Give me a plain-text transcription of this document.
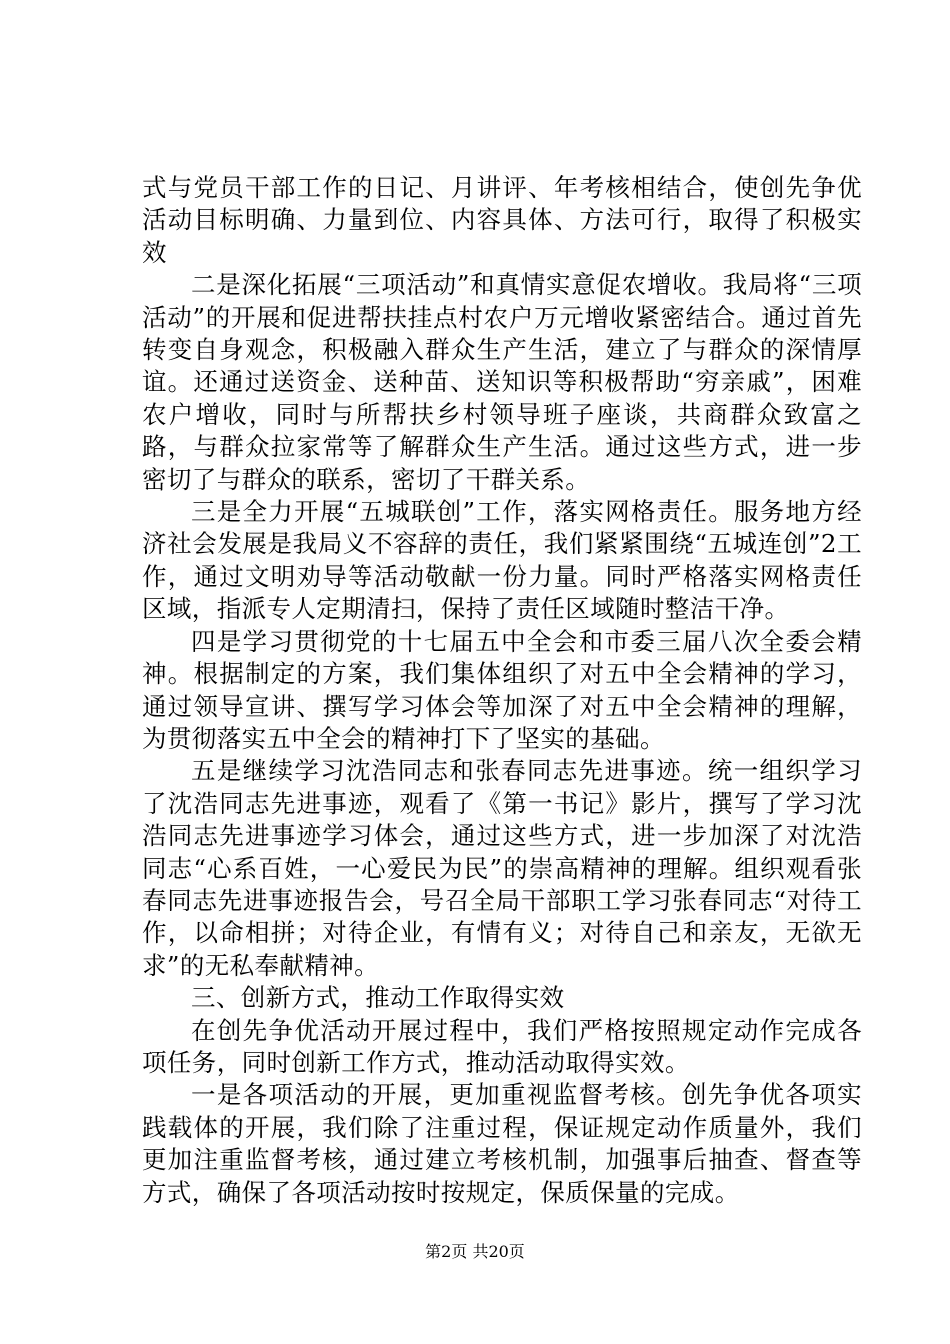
式与党员干部工作的日记、月讲评、年考核相结合，使创先争优活动目标明确、力量到位、内容具体、方法可行，取得了积极实效

二是深化拓展“三项活动”和真情实意促农增收。我局将“三项活动”的开展和促进帮扶挂点村农户万元增收紧密结合。通过首先转变自身观念，积极融入群众生产生活，建立了与群众的深情厚谊。还通过送资金、送种苗、送知识等积极帮助“穷亲戚”，困难农户增收，同时与所帮扶乡村领导班子座谈，共商群众致富之路，与群众拉家常等了解群众生产生活。通过这些方式，进一步密切了与群众的联系，密切了干群关系。

三是全力开展“五城联创”工作，落实网格责任。服务地方经济社会发展是我局义不容辞的责任，我们紧紧围绕“五城连创”2工作，通过文明劝导等活动敬献一份力量。同时严格落实网格责任区域，指派专人定期清扫，保持了责任区域随时整洁干净。

四是学习贯彻党的十七届五中全会和市委三届八次全委会精神。根据制定的方案，我们集体组织了对五中全会精神的学习，通过领导宣讲、撰写学习体会等加深了对五中全会精神的理解，为贯彻落实五中全会的精神打下了坚实的基础。

五是继续学习沈浩同志和张春同志先进事迹。统一组织学习了沈浩同志先进事迹，观看了《第一书记》影片，撰写了学习沈浩同志先进事迹学习体会，通过这些方式，进一步加深了对沈浩同志“心系百姓，一心爱民为民”的崇高精神的理解。组织观看张春同志先进事迹报告会，号召全局干部职工学习张春同志“对待工作，以命相拼；对待企业，有情有义；对待自己和亲友，无欲无求”的无私奉献精神。

三、创新方式，推动工作取得实效

在创先争优活动开展过程中，我们严格按照规定动作完成各项任务，同时创新工作方式，推动活动取得实效。

一是各项活动的开展，更加重视监督考核。创先争优各项实践载体的开展，我们除了注重过程，保证规定动作质量外，我们更加注重监督考核，通过建立考核机制，加强事后抽查、督查等方式，确保了各项活动按时按规定，保质保量的完成。

第2页 共20页
